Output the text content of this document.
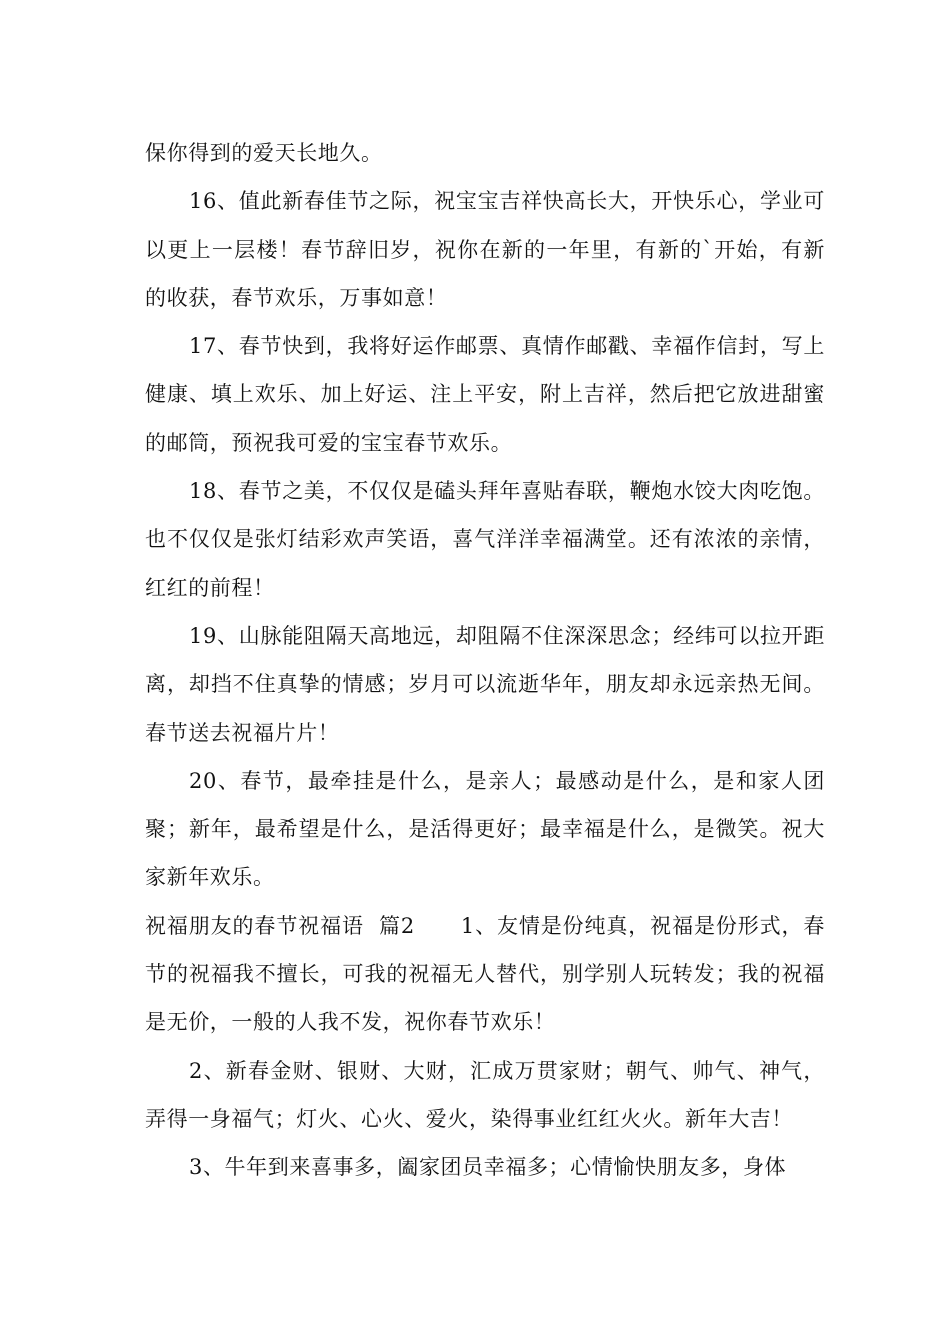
保你得到的爱天长地久。

16、值此新春佳节之际，祝宝宝吉祥快高长大，开快乐心，学业可以更上一层楼！春节辞旧岁，祝你在新的一年里，有新的`开始，有新的收获，春节欢乐，万事如意！

17、春节快到，我将好运作邮票、真情作邮戳、幸福作信封，写上健康、填上欢乐、加上好运、注上平安，附上吉祥，然后把它放进甜蜜的邮筒，预祝我可爱的宝宝春节欢乐。

18、春节之美，不仅仅是磕头拜年喜贴春联，鞭炮水饺大肉吃饱。也不仅仅是张灯结彩欢声笑语，喜气洋洋幸福满堂。还有浓浓的亲情，红红的前程！

19、山脉能阻隔天高地远，却阻隔不住深深思念；经纬可以拉开距离，却挡不住真挚的情感；岁月可以流逝华年，朋友却永远亲热无间。春节送去祝福片片！

20、春节，最牵挂是什么，是亲人；最感动是什么，是和家人团聚；新年，最希望是什么，是活得更好；最幸福是什么，是微笑。祝大家新年欢乐。

祝福朋友的春节祝福语  篇2 1、友情是份纯真，祝福是份形式，春节的祝福我不擅长，可我的祝福无人替代，别学别人玩转发；我的祝福是无价，一般的人我不发，祝你春节欢乐！

2、新春金财、银财、大财，汇成万贯家财；朝气、帅气、神气，弄得一身福气；灯火、心火、爱火，染得事业红红火火。新年大吉！

3、牛年到来喜事多，阖家团员幸福多；心情愉快朋友多，身体
